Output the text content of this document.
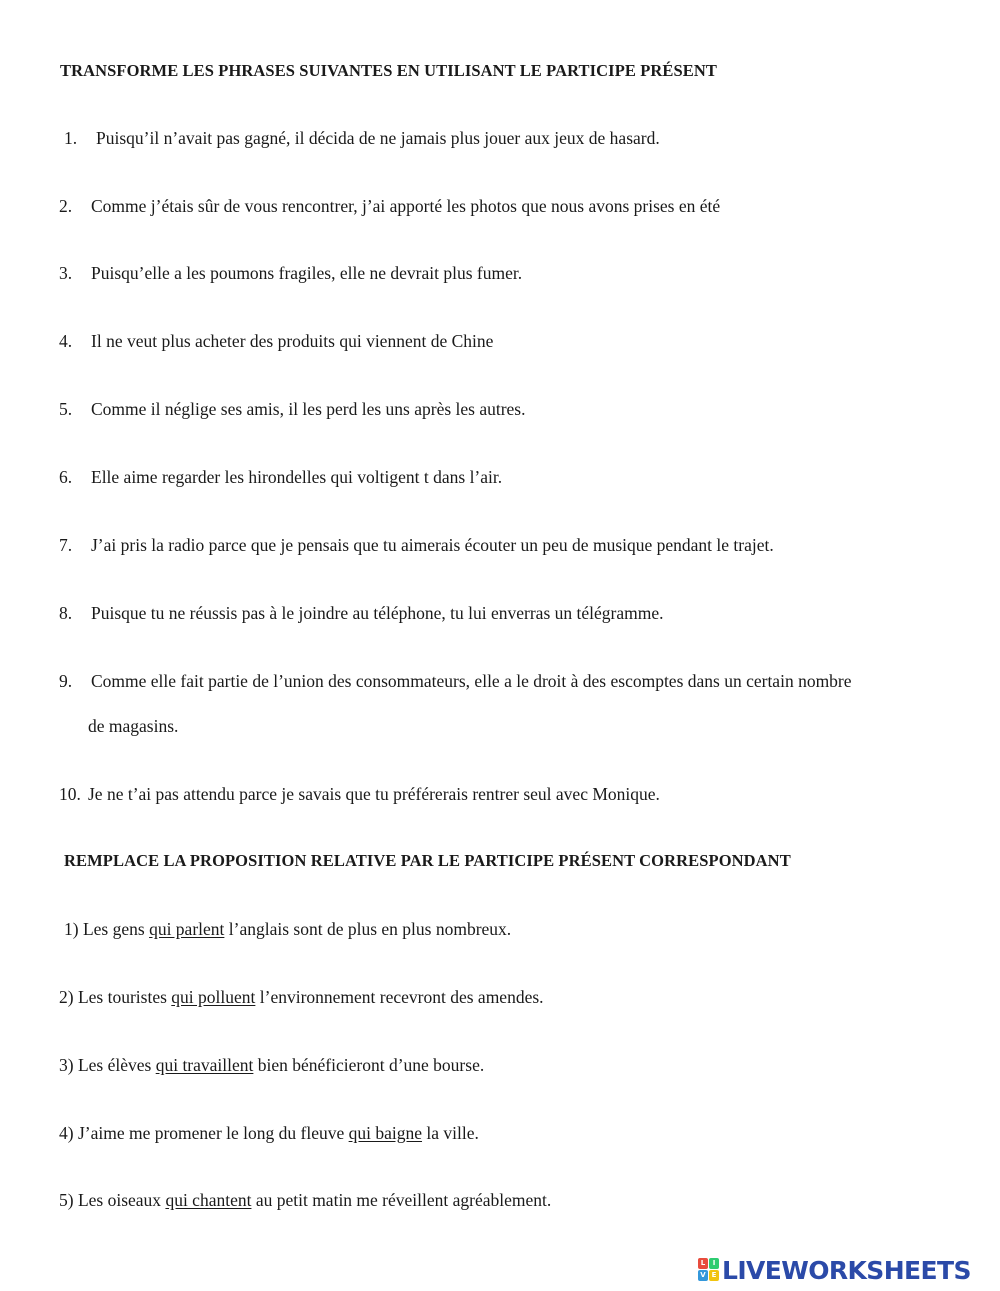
TRANSFORME LES PHRASES SUIVANTES EN UTILISANT LE PARTICIPE PRÉSENT
1. Puisqu’il n’avait pas gagné, il décida de ne jamais plus jouer aux jeux de hasard.
2. Comme j’étais sûr de vous rencontrer, j’ai apporté les photos que nous avons prises en été
3. Puisqu’elle a les poumons fragiles, elle ne devrait plus fumer.
4. Il ne veut plus acheter des produits qui viennent de Chine
5. Comme il néglige ses amis, il les perd les uns après les autres.
6. Elle aime regarder les hirondelles qui voltigent t dans l’air.
7. J’ai pris la radio parce que je pensais que tu aimerais écouter un peu de musique pendant le trajet.
8. Puisque tu ne réussis pas à le joindre au téléphone, tu lui enverras un télégramme.
9. Comme elle fait partie de l’union des consommateurs, elle a le droit à des escomptes dans un certain nombre
de magasins.
10. Je ne t’ai pas attendu parce je savais que tu préférerais rentrer seul avec Monique.
REMPLACE LA PROPOSITION RELATIVE PAR LE PARTICIPE PRÉSENT CORRESPONDANT
1) Les gens qui parlent l’anglais sont de plus en plus nombreux.
2) Les touristes qui polluent l’environnement recevront des amendes.
3) Les élèves qui travaillent bien bénéficieront d’une bourse.
4) J’aime me promener le long du fleuve qui baigne la ville.
5) Les oiseaux qui chantent au petit matin me réveillent agréablement.
L	I
V E LIVEWORKSHEETS
